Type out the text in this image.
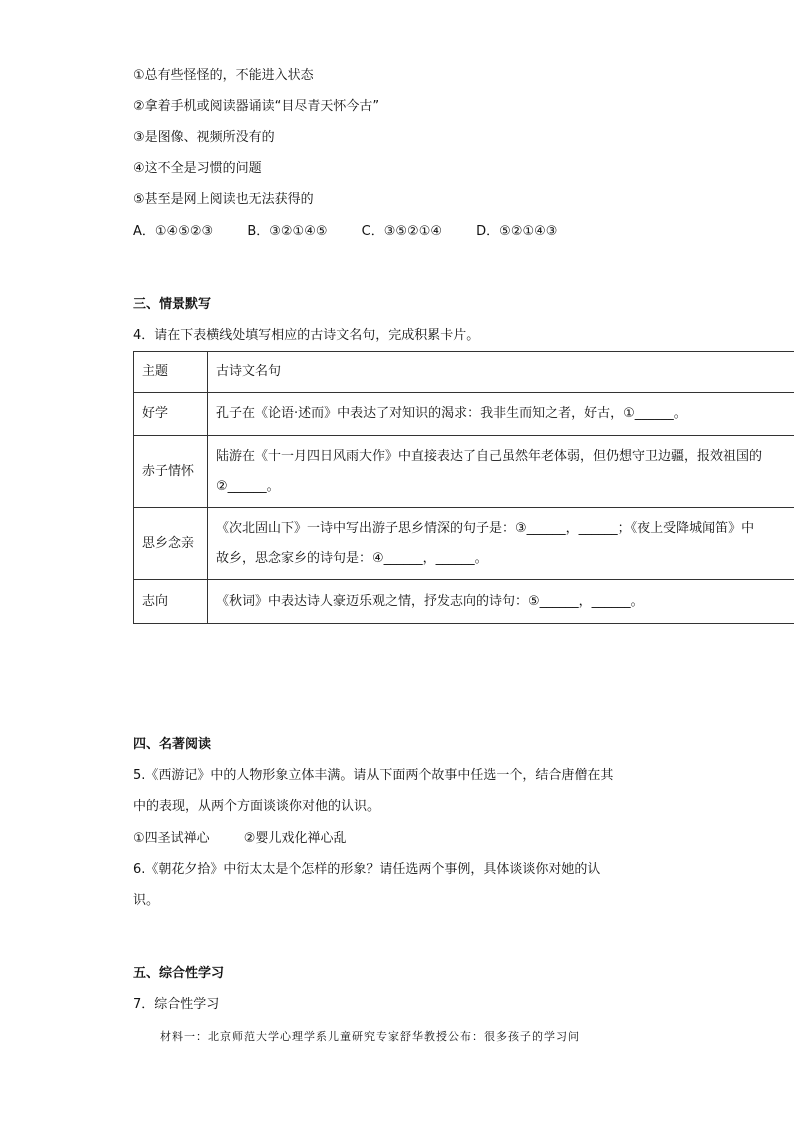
①总有些怪怪的，不能进入状态
②拿着手机或阅读器诵读“目尽青天怀今古”
③是图像、视频所没有的
④这不全是习惯的问题
⑤甚至是网上阅读也无法获得的
A．①④⑤②③	B．③②①④⑤	C．③⑤②①④	D．⑤②①④③
三、情景默写
4．请在下表横线处填写相应的古诗文名句，完成积累卡片。
主题	古诗文名句
好学	孔子在《论语·述而》中表达了对知识的渴求：我非生而知之者，好古，①______。

赤子情怀	陆游在《十一月四日风雨大作》中直接表达了自己虽然年老体弱，但仍想守卫边疆，报效祖国的
②______。

思乡念亲	《次北固山下》一诗中写出游子思乡情深的句子是：③______，______；《夜上受降城闻笛》中
故乡，思念家乡的诗句是：④______，______。

志向	《秋词》中表达诗人豪迈乐观之情，抒发志向的诗句：⑤______，______。
四、名著阅读
5.《西游记》中的人物形象立体丰满。请从下面两个故事中任选一个，结合唐僧在其
中的表现，从两个方面谈谈你对他的认识。
①四圣试禅心	②婴儿戏化禅心乱
6.《朝花夕拾》中衍太太是个怎样的形象？请任选两个事例，具体谈谈你对她的认
识。
五、综合性学习
7．综合性学习
材料一：北京师范大学心理学系儿童研究专家舒华教授公布：很多孩子的学习问
